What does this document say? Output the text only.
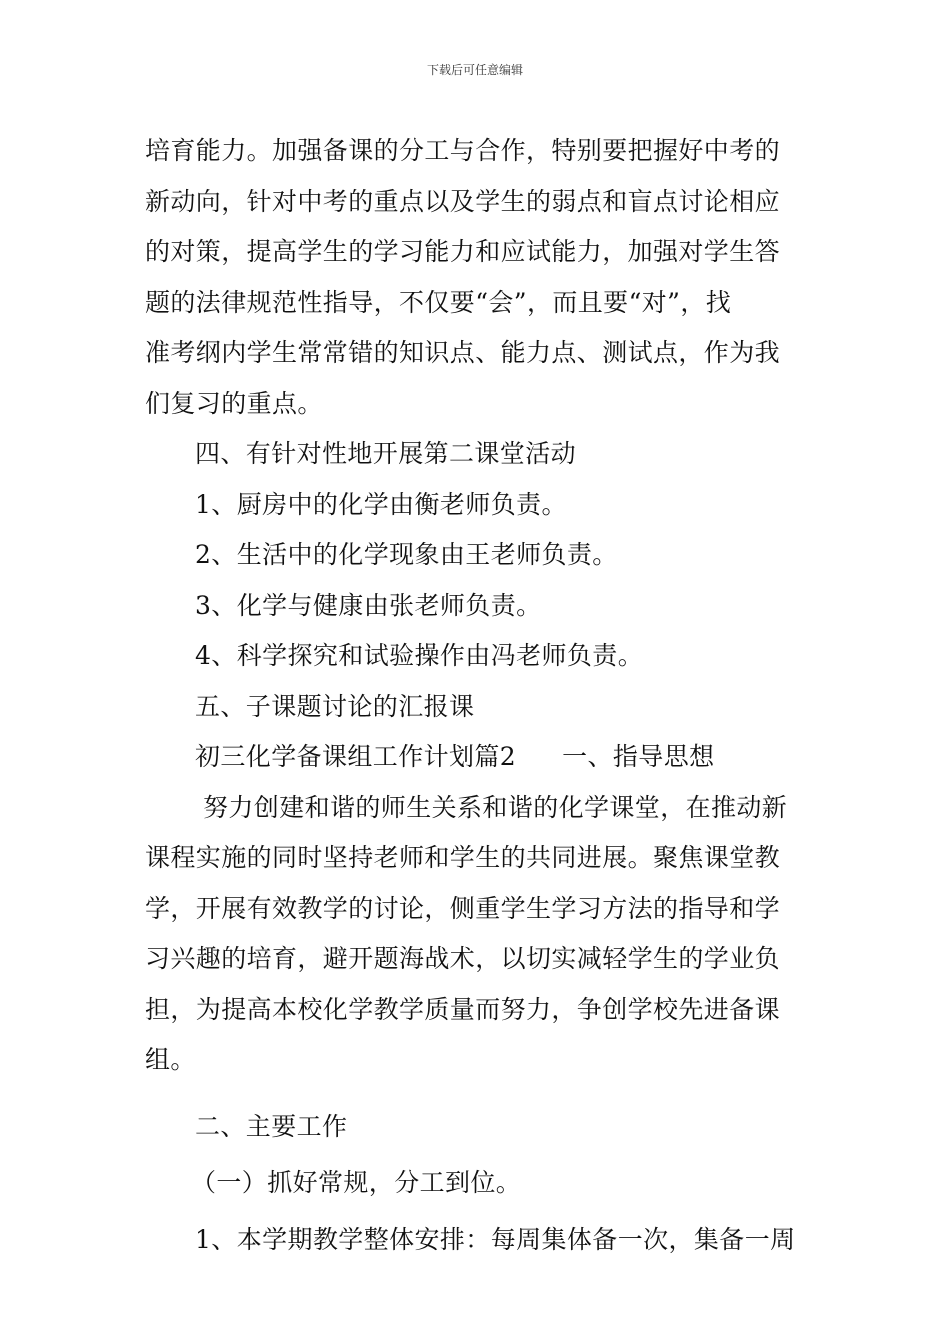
下载后可任意编辑
培育能力。加强备课的分工与合作，特别要把握好中考的
新动向，针对中考的重点以及学生的弱点和盲点讨论相应
的对策，提高学生的学习能力和应试能力，加强对学生答
题的法律规范性指导，不仅要“会”，而且要“对”，找
准考纲内学生常常错的知识点、能力点、测试点，作为我
们复习的重点。
四、有针对性地开展第二课堂活动
1、厨房中的化学由衡老师负责。
2、生活中的化学现象由王老师负责。
3、化学与健康由张老师负责。
4、科学探究和试验操作由冯老师负责。
五、子课题讨论的汇报课
初三化学备课组工作计划篇2 一、指导思想
努力创建和谐的师生关系和谐的化学课堂，在推动新
课程实施的同时坚持老师和学生的共同进展。聚焦课堂教
学，开展有效教学的讨论，侧重学生学习方法的指导和学
习兴趣的培育，避开题海战术，以切实减轻学生的学业负
担，为提高本校化学教学质量而努力，争创学校先进备课
组。
二、主要工作
（一）抓好常规，分工到位。
1、本学期教学整体安排：每周集体备一次，集备一周
